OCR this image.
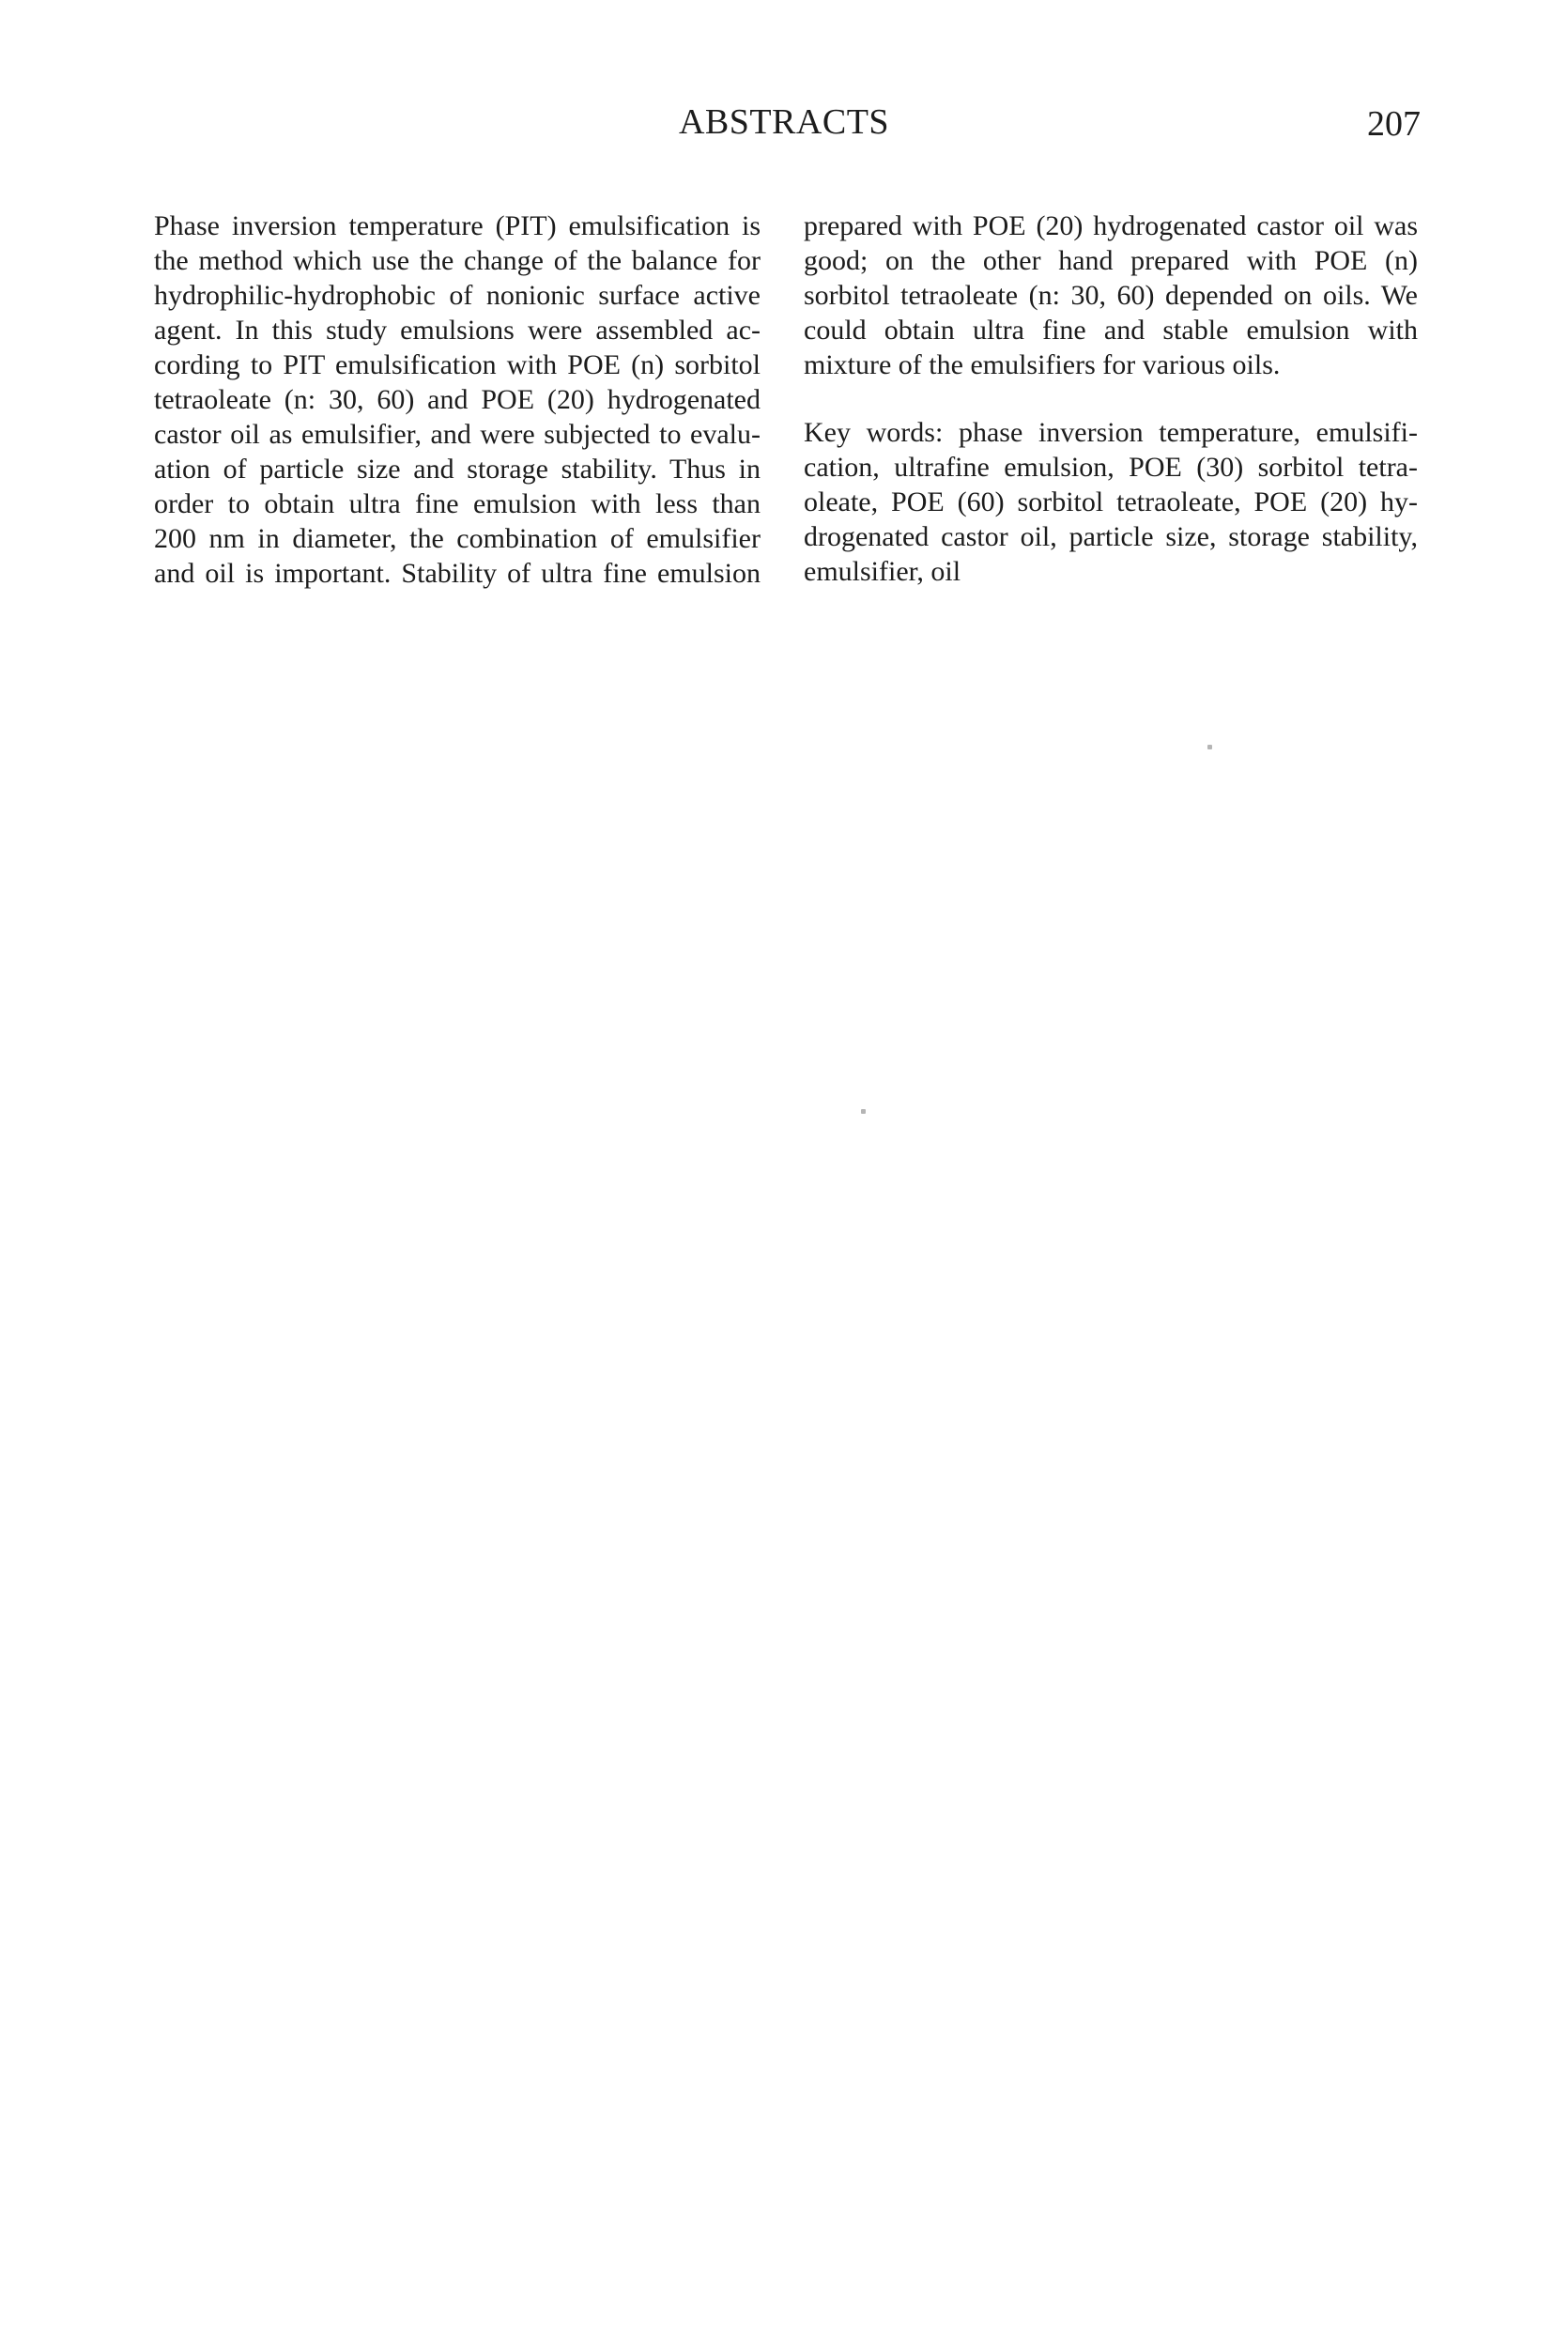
ABSTRACTS	207
Phase inversion temperature (PIT) emulsification is
the method which use the change of the balance for
hydrophilic-hydrophobic of nonionic surface active
agent. In this study emulsions were assembled ac-
cording to PIT emulsification with POE (n) sorbitol
tetraoleate (n: 30, 60) and POE (20) hydrogenated
castor oil as emulsifier, and were subjected to evalu-
ation of particle size and storage stability. Thus in
order to obtain ultra fine emulsion with less than
200 nm in diameter, the combination of emulsifier
and oil is important. Stability of ultra fine emulsion
prepared with POE (20) hydrogenated castor oil was
good; on the other hand prepared with POE (n)
sorbitol tetraoleate (n: 30, 60) depended on oils. We
could obtain ultra fine and stable emulsion with
mixture of the emulsifiers for various oils.
Key words: phase inversion temperature, emulsifi-
cation, ultrafine emulsion, POE (30) sorbitol tetra-
oleate, POE (60) sorbitol tetraoleate, POE (20) hy-
drogenated castor oil, particle size, storage stability,
emulsifier, oil
